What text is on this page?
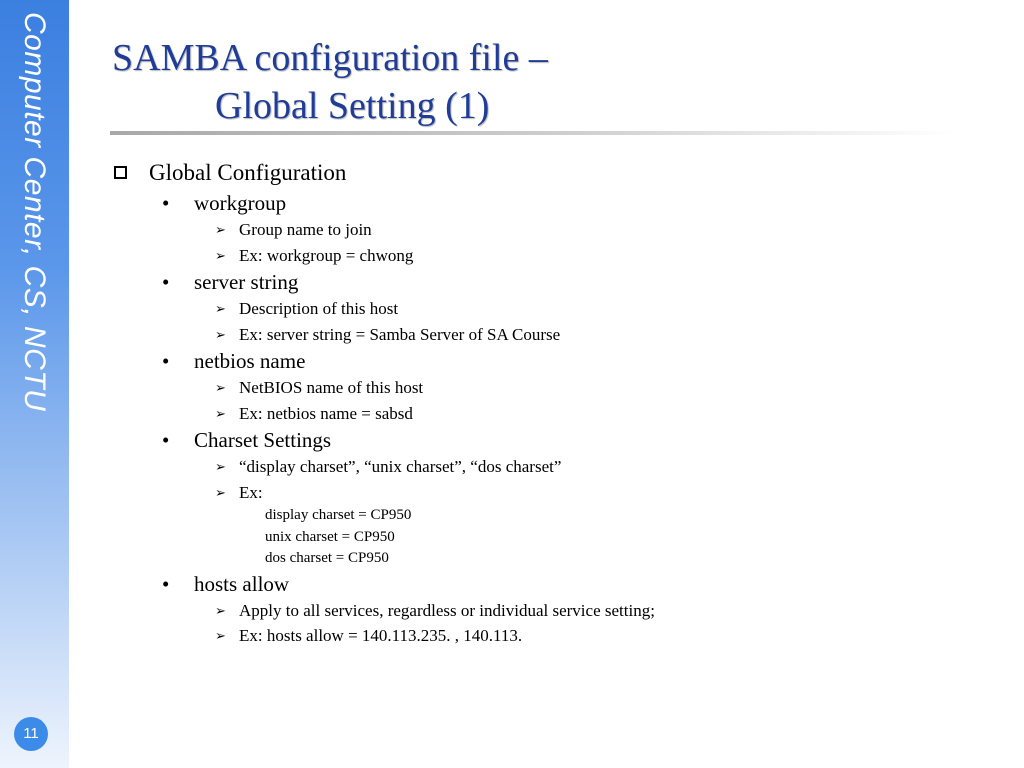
Computer Center, CS, NCTU
11
SAMBA configuration file –
Global Setting (1)
Global Configuration
• workgroup
➢ Group name to join
➢ Ex: workgroup = chwong
• server string
➢ Description of this host
➢ Ex: server string = Samba Server of SA Course
• netbios name
➢ NetBIOS name of this host
➢ Ex: netbios name = sabsd
• Charset Settings
➢ “display charset”, “unix charset”, “dos charset”
➢ Ex:
display charset = CP950
unix charset = CP950
dos charset = CP950
• hosts allow
➢ Apply to all services, regardless or individual service setting;
➢ Ex: hosts allow = 140.113.235. , 140.113.
